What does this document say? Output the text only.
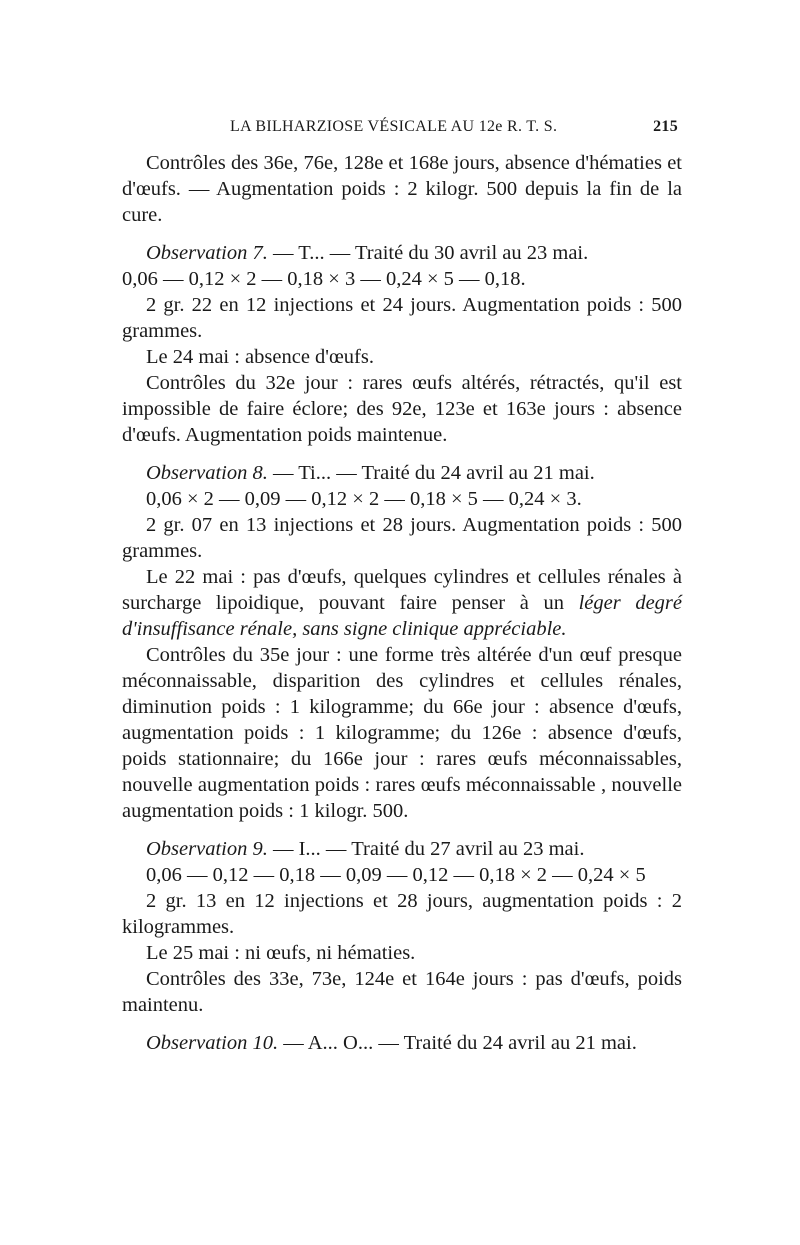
LA BILHARZIOSE VÉSICALE AU 12e R. T. S.	215

Contrôles des 36e, 76e, 128e et 168e jours, absence d'hématies et d'œufs. — Augmentation poids : 2 kilogr. 500 depuis la fin de la cure.

Observation 7. — T... — Traité du 30 avril au 23 mai.

0,06 — 0,12 × 2 — 0,18 × 3 — 0,24 × 5 — 0,18.

2 gr. 22 en 12 injections et 24 jours. Augmentation poids : 500 grammes.

Le 24 mai : absence d'œufs.

Contrôles du 32e jour : rares œufs altérés, rétractés, qu'il est impossible de faire éclore; des 92e, 123e et 163e jours : absence d'œufs. Augmentation poids maintenue.

Observation 8. — Ti... — Traité du 24 avril au 21 mai.

0,06 × 2 — 0,09 — 0,12 × 2 — 0,18 × 5 — 0,24 × 3.

2 gr. 07 en 13 injections et 28 jours. Augmentation poids : 500 grammes.

Le 22 mai : pas d'œufs, quelques cylindres et cellules rénales à surcharge lipoidique, pouvant faire penser à un léger degré d'insuffisance rénale, sans signe clinique appréciable.

Contrôles du 35e jour : une forme très altérée d'un œuf presque méconnaissable, disparition des cylindres et cellules rénales, diminution poids : 1 kilogramme; du 66e jour : absence d'œufs, augmentation poids : 1 kilogramme; du 126e : absence d'œufs, poids stationnaire; du 166e jour : rares œufs méconnaissables, nouvelle augmentation poids : rares œufs méconnaissable , nouvelle augmentation poids : 1 kilogr. 500.

Observation 9. — I... — Traité du 27 avril au 23 mai.

0,06 — 0,12 — 0,18 — 0,09 — 0,12 — 0,18 × 2 — 0,24 × 5

2 gr. 13 en 12 injections et 28 jours, augmentation poids : 2 kilogrammes.

Le 25 mai : ni œufs, ni hématies.

Contrôles des 33e, 73e, 124e et 164e jours : pas d'œufs, poids maintenu.

Observation 10. — A... O... — Traité du 24 avril au 21 mai.
